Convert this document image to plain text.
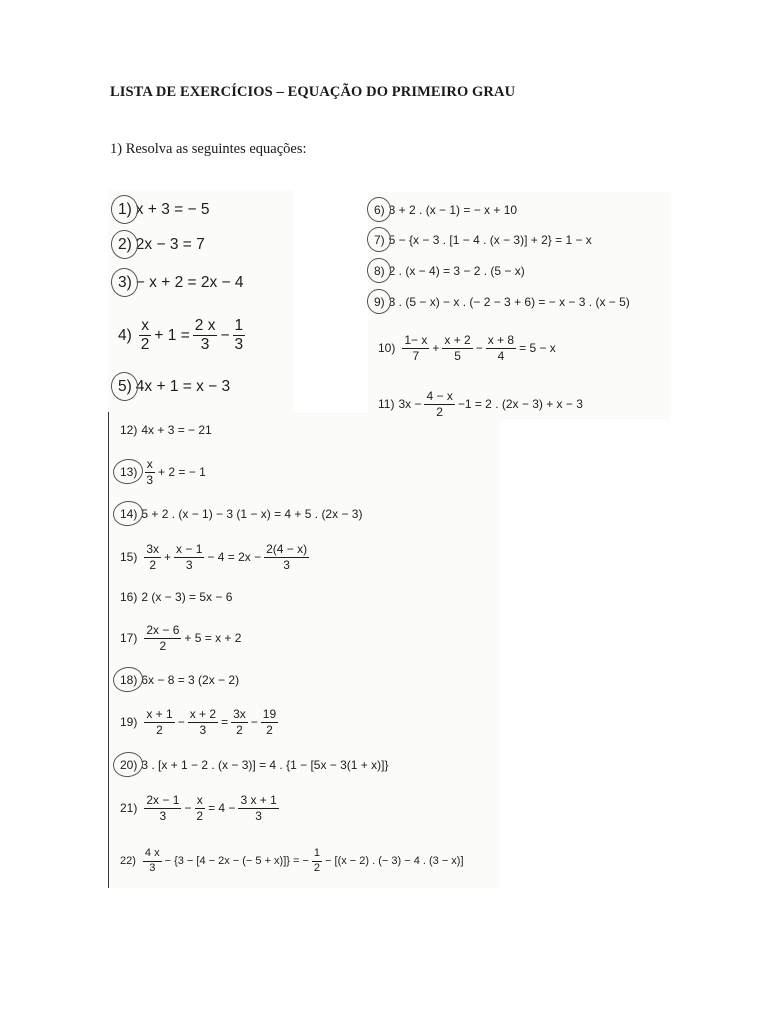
LISTA DE EXERCÍCIOS – EQUAÇÃO DO PRIMEIRO GRAU
1) Resolva as seguintes equações:
1) x + 3 = − 5
2) 2x − 3 = 7
3) − x + 2 = 2x − 4
$4) \frac{x}{2} + 1 = \frac{2 x}{3} - \frac{1}{3}$
5) 4x + 1 = x − 3
6) 3 + 2 . (x − 1) = − x + 10
7) 5 − {x − 3 . [1 − 4 . (x − 3)] + 2} = 1 − x
8) 2 . (x − 4) = 3 − 2 . (5 − x)
9) 3 . (5 − x) − x . (− 2 − 3 + 6) = − x − 3 . (x − 5)
$10) \frac{1- x}{7} + \frac{x + 2}{5} - \frac{x + 8}{4} = 5 - x$
11) $3x - \frac{4 - x}{2} -1 = 2$ . (2x − 3) + x − 3
12) 4x + 3 = − 21
$13) \frac{x}{3} + 2$ = − 1
14) 5 + 2 . (x − 1) − 3 (1 − x) = 4 + 5 . (2x − 3)
$15) \frac{3x}{2} + \frac{x - 1}{3} - 4 = 2x - \frac{2(4 - x)}{3}$
16) 2 (x − 3) = 5x − 6
$17) \frac{2x - 6}{2} + 5 = x + 2$
18) 6x − 8 = 3 (2x − 2)
$19) \frac{x + 1}{2} - \frac{x + 2}{3} = \frac{3x}{2} - \frac{19}{2}$
20) 3 . [x + 1 − 2 . (x − 3)] = 4 . {1 − [5x − 3(1 + x)]}
$21) \frac{2x - 1}{3} - \frac{x}{2} = 4 - \frac{3 x + 1}{3}$
$22) \frac{4 x}{3} - \{3 - [4 - 2x$ − (− 5 + x)]} = − $\frac{1}{2} - [(x - 2)$ . (− 3) − 4 . (3 − x)]
